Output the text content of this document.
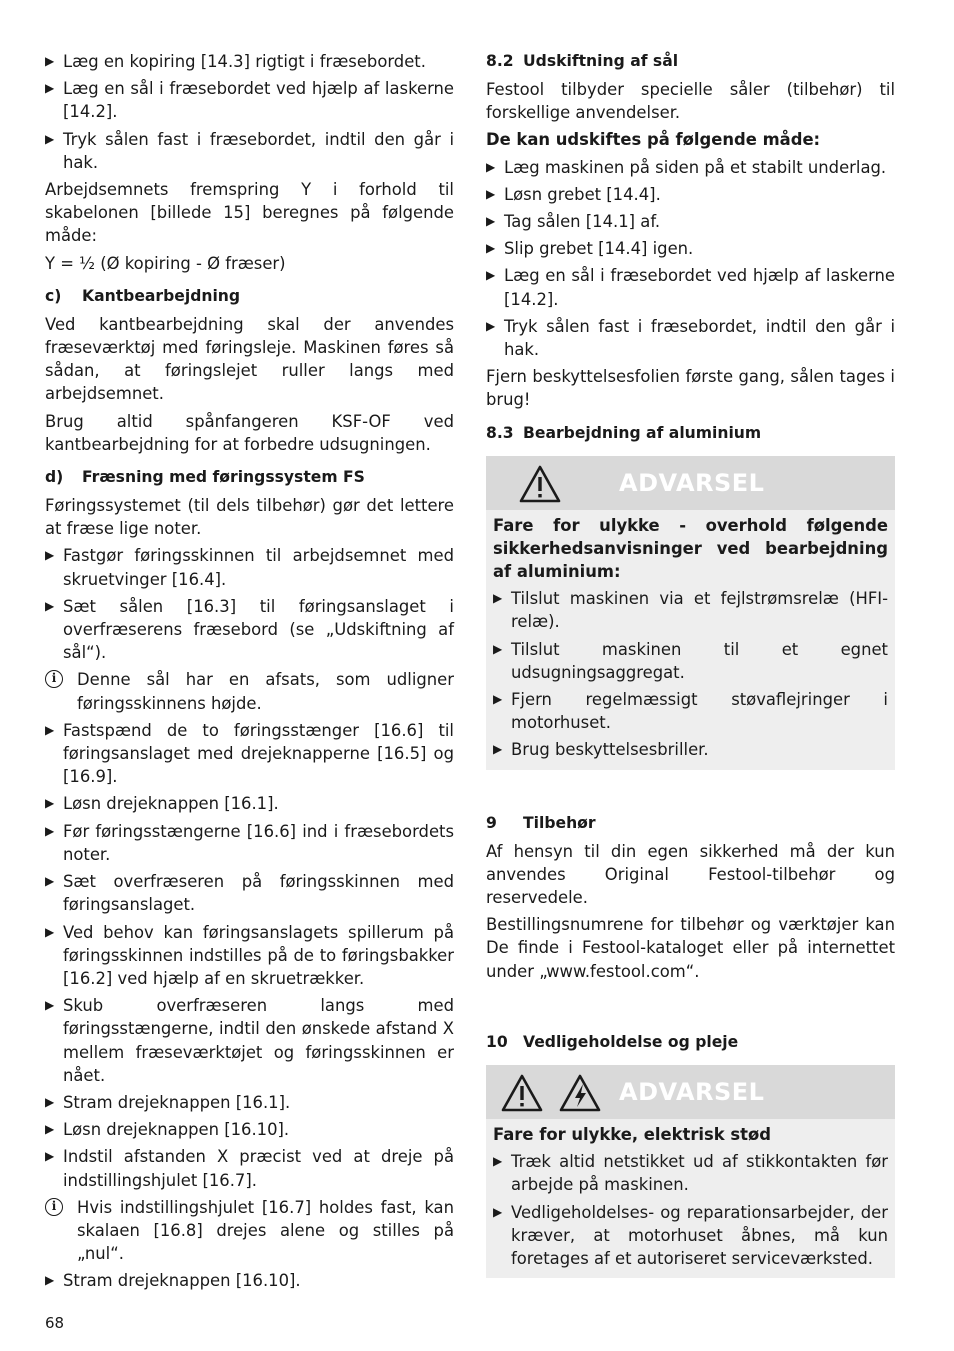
▶ Læg en kopiring [14.3] rigtigt i fræsebordet.
▶ Læg en sål i fræsebordet ved hjælp af laskerne [14.2].
▶ Tryk sålen fast i fræsebordet, indtil den går i hak.

Arbejdsemnets fremspring Y i forhold til skabelonen [billede 15] beregnes på følgende måde:

Y = ½ (Ø kopiring - Ø fræser)

c) Kantbearbejdning

Ved kantbearbejdning skal der anvendes fræseværktøj med føringsleje. Maskinen føres så sådan, at føringslejet ruller langs med arbejdsemnet.

Brug altid spånfangeren KSF-OF ved kantbearbejdning for at forbedre udsugningen.

d) Fræsning med føringssystem FS

Føringssystemet (til dels tilbehør) gør det lettere at fræse lige noter.

▶ Fastgør føringsskinnen til arbejdsemnet med skruetvinger [16.4].
▶ Sæt sålen [16.3] til føringsanslaget i overfræserens fræsebord (se „Udskiftning af sål“).
i	Denne sål har en afsats, som udligner føringsskinnens højde.
▶ Fastspænd de to føringsstænger [16.6] til føringsanslaget med drejeknapperne [16.5] og [16.9].
▶ Løsn drejeknappen [16.1].
▶ Før føringsstængerne [16.6] ind i fræsebordets noter.
▶ Sæt overfræseren på føringsskinnen med føringsanslaget.
▶ Ved behov kan føringsanslagets spillerum på føringsskinnen indstilles på de to føringsbakker [16.2] ved hjælp af en skruetrækker.
▶ Skub overfræseren langs med føringsstængerne, indtil den ønskede afstand X mellem fræseværktøjet og føringsskinnen er nået.
▶ Stram drejeknappen [16.1].
▶ Løsn drejeknappen [16.10].
▶ Indstil afstanden X præcist ved at dreje på indstillingshjulet [16.7].
i	Hvis indstillingshjulet [16.7] holdes fast, kan skalaen [16.8] drejes alene og stilles på „nul“.
▶ Stram drejeknappen [16.10].
8.2 Udskiftning af sål

Festool tilbyder specielle såler (tilbehør) til forskellige anvendelser.

De kan udskiftes på følgende måde:

▶ Læg maskinen på siden på et stabilt underlag.
▶ Løsn grebet [14.4].
▶ Tag sålen [14.1] af.
▶ Slip grebet [14.4] igen.
▶ Læg en sål i fræsebordet ved hjælp af laskerne [14.2].
▶ Tryk sålen fast i fræsebordet, indtil den går i hak.

Fjern beskyttelsesfolien første gang, sålen tages i brug!

8.3 Bearbejdning af aluminium
ADVARSEL

Fare for ulykke - overhold følgende sikkerhedsanvisninger ved bearbejdning af aluminium:

▶ Tilslut maskinen via et fejlstrømsrelæ (HFI-relæ).
▶ Tilslut maskinen til et egnet udsugningsaggregat.
▶ Fjern regelmæssigt støvaflejringer i motorhuset.
▶ Brug beskyttelsesbriller.
9 Tilbehør

Af hensyn til din egen sikkerhed må der kun anvendes Original Festool-tilbehør og reservedele.

Bestillingsnumrene for tilbehør og værktøjer kan De finde i Festool-kataloget eller på internettet under „www.festool.com“.

10 Vedligeholdelse og pleje
ADVARSEL

Fare for ulykke, elektrisk stød

▶ Træk altid netstikket ud af stikkontakten før arbejde på maskinen.
▶ Vedligeholdelses- og reparationsarbejder, der kræver, at motorhuset åbnes, må kun foretages af et autoriseret serviceværksted.
68
